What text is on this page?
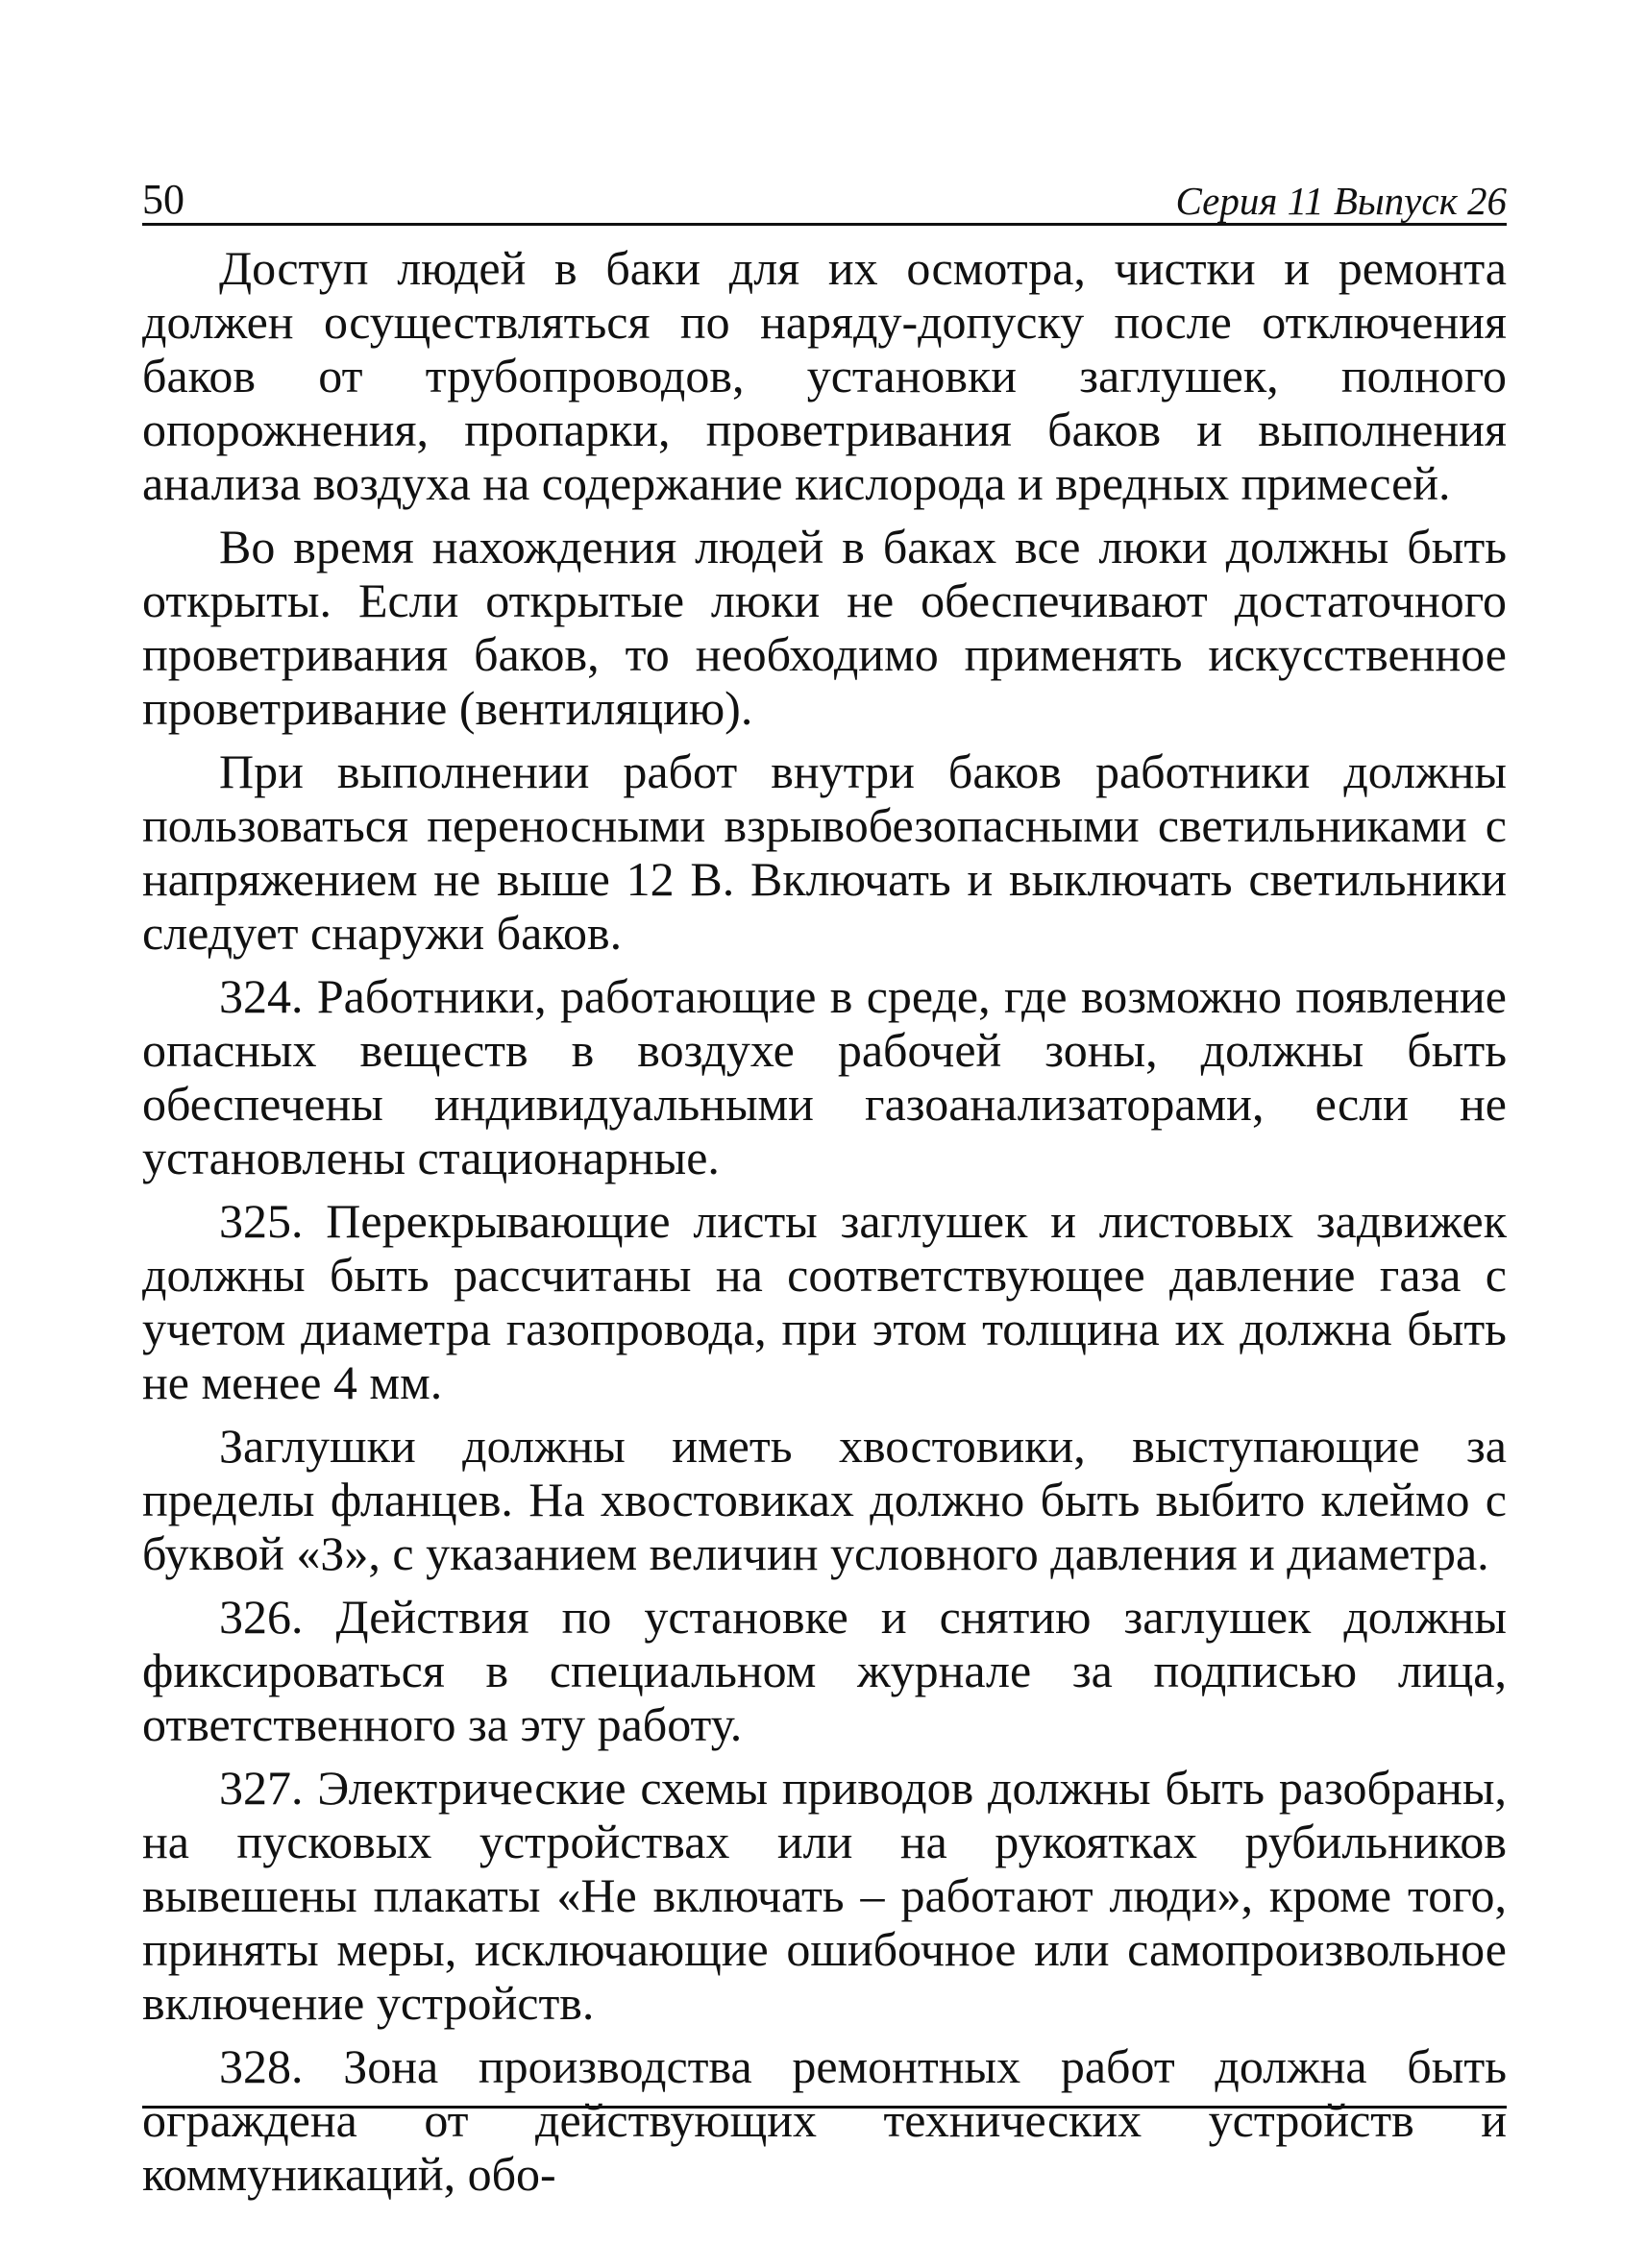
50	Серия 11 Выпуск 26

Доступ людей в баки для их осмотра, чистки и ремонта должен осуществляться по наряду-допуску после отключения баков от трубопроводов, установки заглушек, полного опорожнения, пропарки, проветривания баков и выполнения анализа воздуха на содержание кислорода и вредных примесей.

Во время нахождения людей в баках все люки должны быть открыты. Если открытые люки не обеспечивают достаточного проветривания баков, то необходимо применять искусственное проветривание (вентиляцию).

При выполнении работ внутри баков работники должны пользоваться переносными взрывобезопасными светильниками с напряжением не выше 12 В. Включать и выключать светильники следует снаружи баков.

324. Работники, работающие в среде, где возможно появление опасных веществ в воздухе рабочей зоны, должны быть обеспечены индивидуальными газоанализаторами, если не установлены стационарные.

325. Перекрывающие листы заглушек и листовых задвижек должны быть рассчитаны на соответствующее давление газа с учетом диаметра газопровода, при этом толщина их должна быть не менее 4 мм.

Заглушки должны иметь хвостовики, выступающие за пределы фланцев. На хвостовиках должно быть выбито клеймо с буквой «З», с указанием величин условного давления и диаметра.

326. Действия по установке и снятию заглушек должны фиксироваться в специальном журнале за подписью лица, ответственного за эту работу.

327. Электрические схемы приводов должны быть разобраны, на пусковых устройствах или на рукоятках рубильников вывешены плакаты «Не включать – работают люди», кроме того, приняты меры, исключающие ошибочное или самопроизвольное включение устройств.

328. Зона производства ремонтных работ должна быть ограждена от действующих технических устройств и коммуникаций, обо-
